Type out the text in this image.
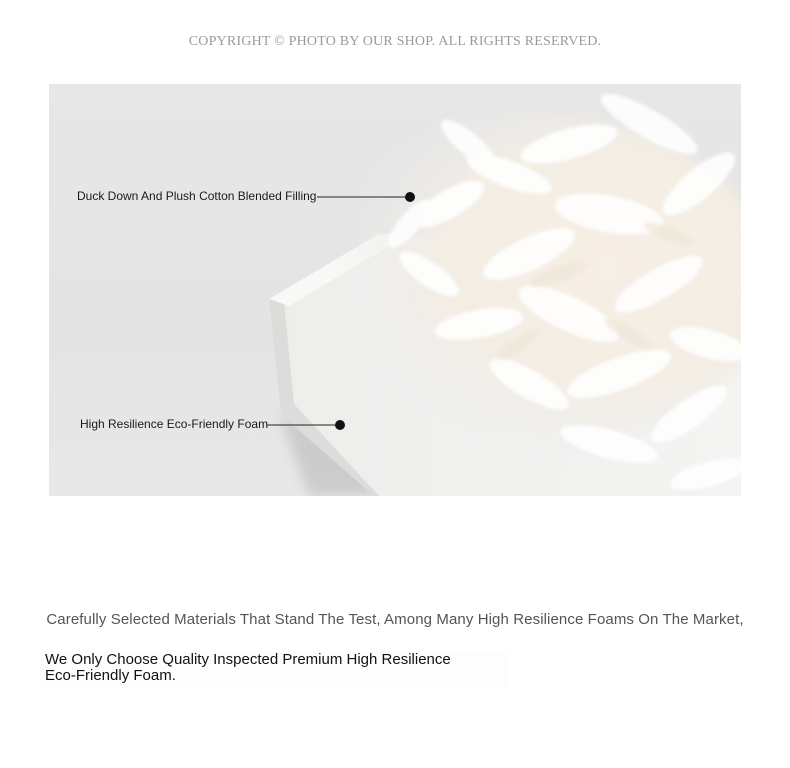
COPYRIGHT © PHOTO BY OUR SHOP. ALL RIGHTS RESERVED.
Duck Down And Plush Cotton Blended Filling
High Resilience Eco-Friendly Foam
Carefully Selected Materials That Stand The Test, Among Many High Resilience Foams On The Market,
We Only Choose Quality Inspected Premium High Resilience Eco-Friendly Foam.
